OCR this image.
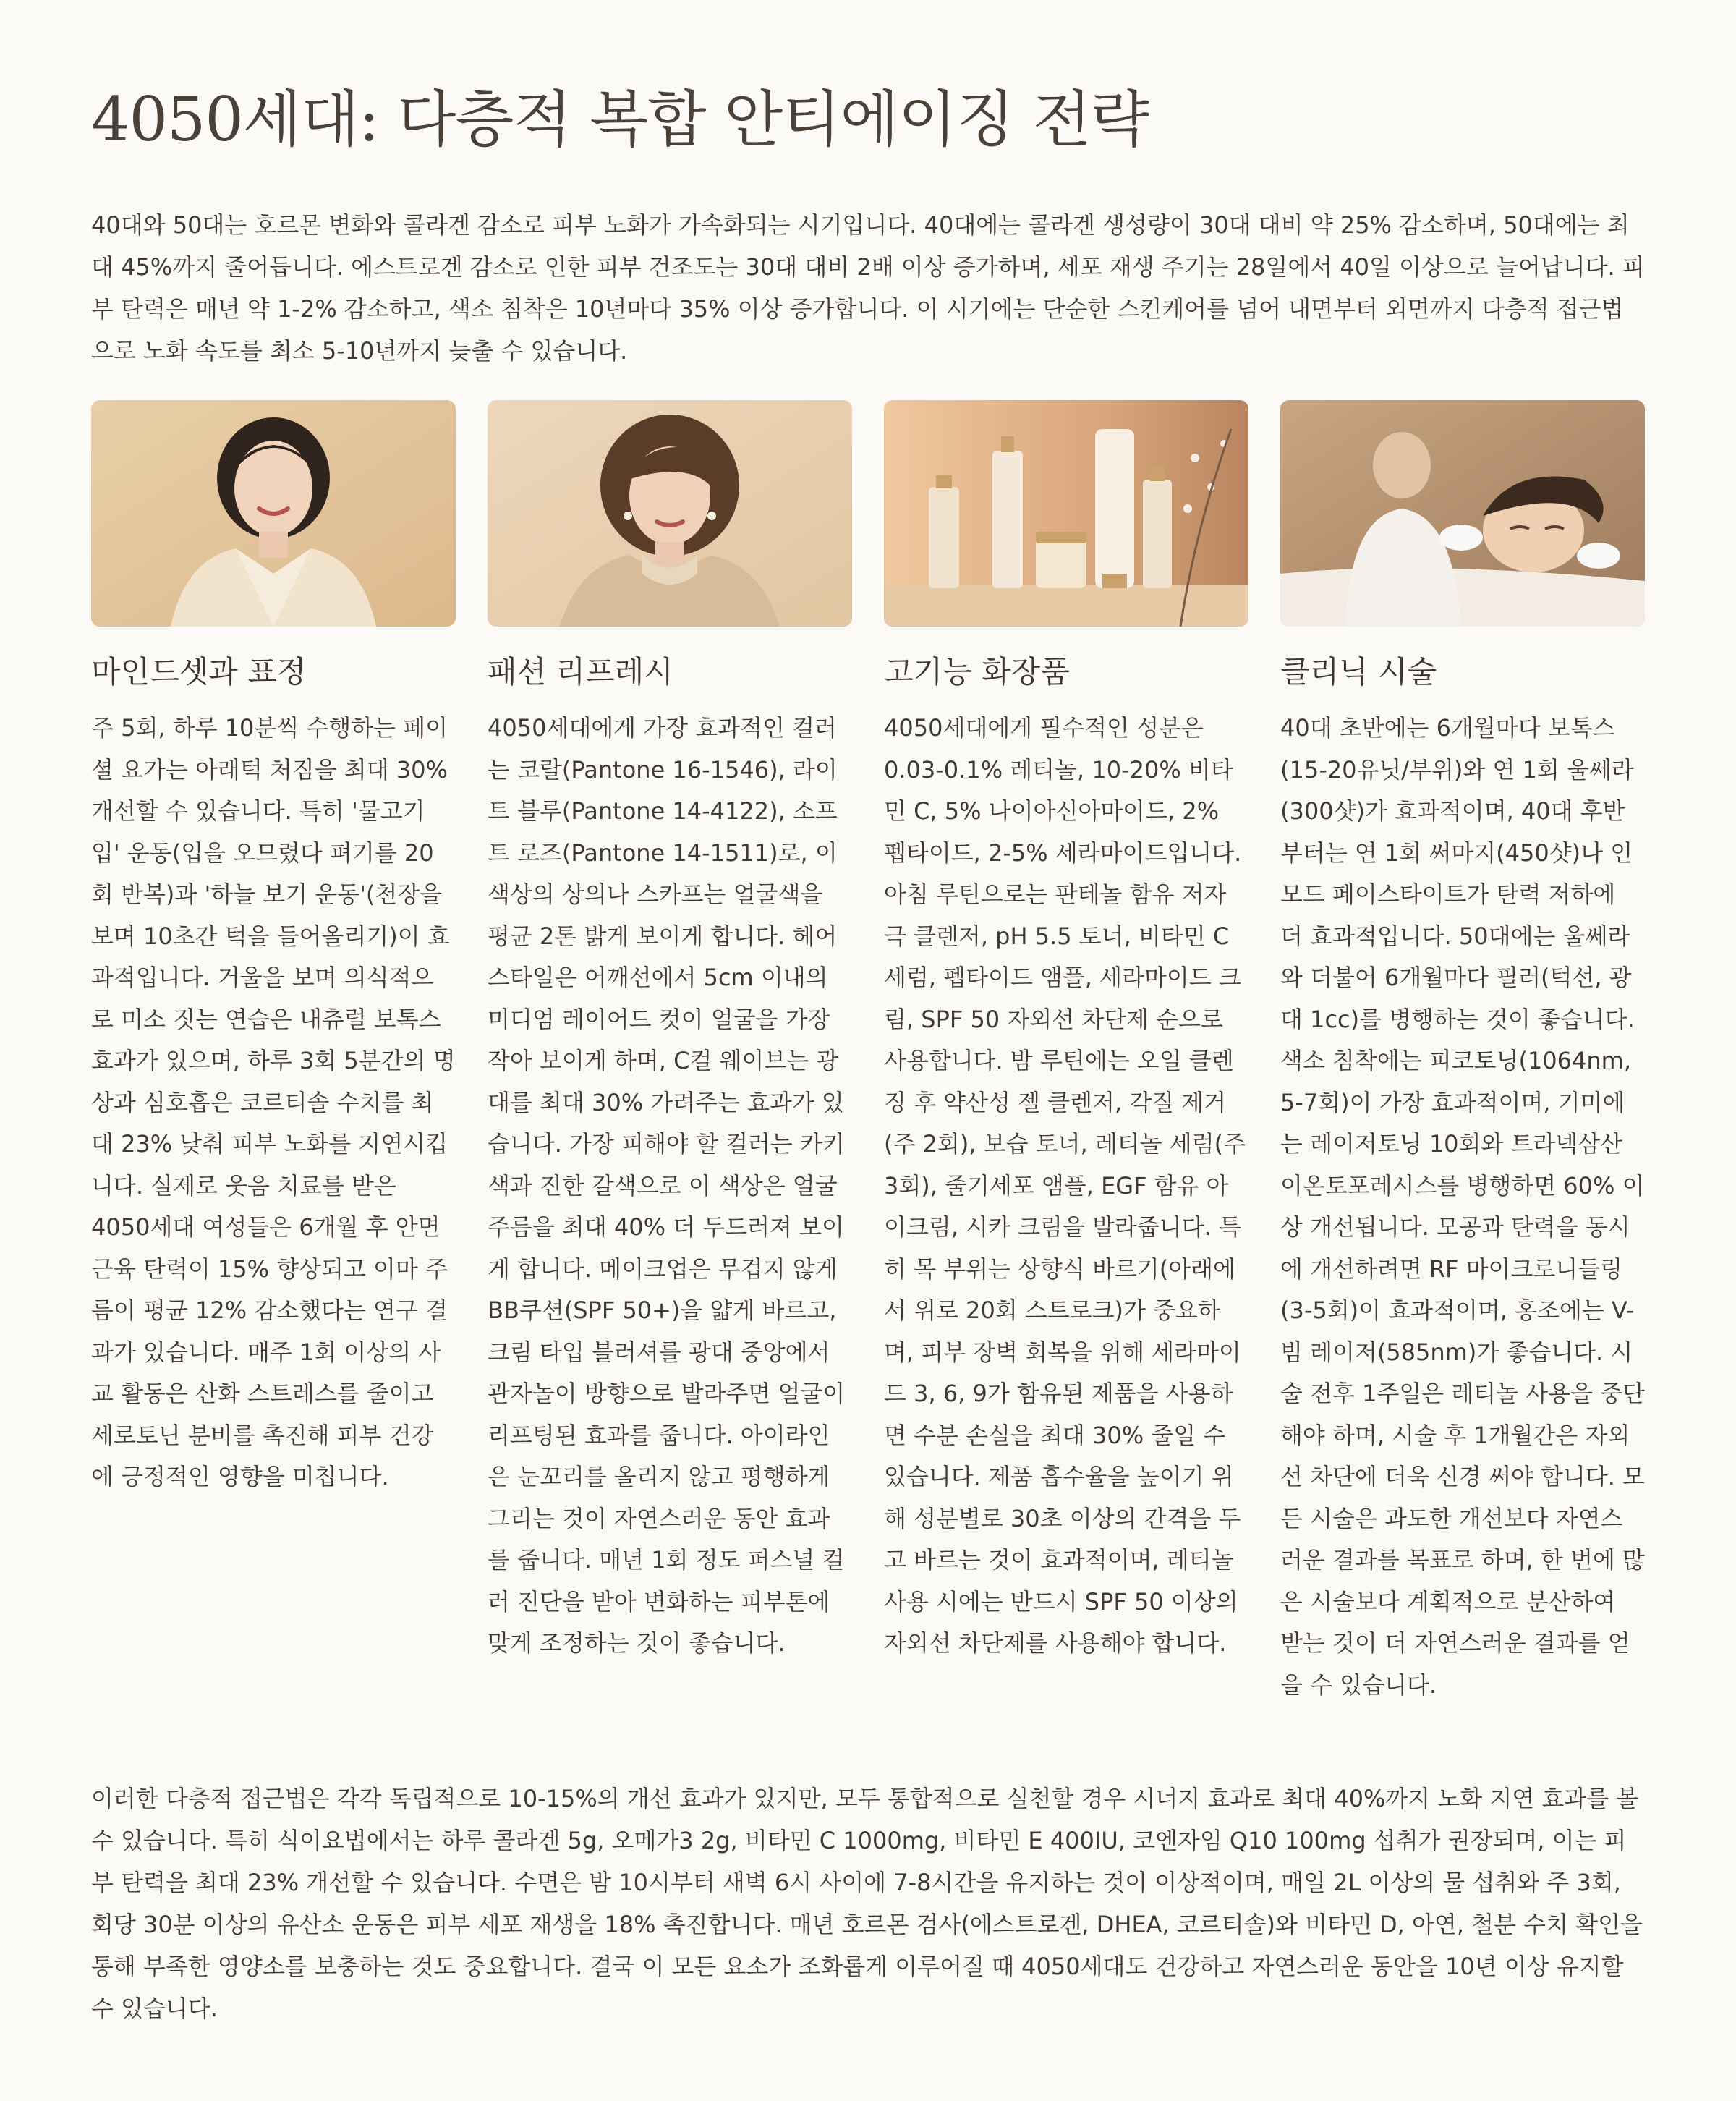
4050세대: 다층적 복합 안티에이징 전략

40대와 50대는 호르몬 변화와 콜라겐 감소로 피부 노화가 가속화되는 시기입니다. 40대에는 콜라겐 생성량이 30대 대비 약 25% 감소하며, 50대에는 최대 45%까지 줄어듭니다. 에스트로겐 감소로 인한 피부 건조도는 30대 대비 2배 이상 증가하며, 세포 재생 주기는 28일에서 40일 이상으로 늘어납니다. 피부 탄력은 매년 약 1-2% 감소하고, 색소 침착은 10년마다 35% 이상 증가합니다. 이 시기에는 단순한 스킨케어를 넘어 내면부터 외면까지 다층적 접근법으로 노화 속도를 최소 5-10년까지 늦출 수 있습니다.

마인드셋과 표정

주 5회, 하루 10분씩 수행하는 페이셜 요가는 아래턱 처짐을 최대 30% 개선할 수 있습니다. 특히 '물고기 입' 운동(입을 오므렸다 펴기를 20회 반복)과 '하늘 보기 운동'(천장을 보며 10초간 턱을 들어올리기)이 효과적입니다. 거울을 보며 의식적으로 미소 짓는 연습은 내츄럴 보톡스 효과가 있으며, 하루 3회 5분간의 명상과 심호흡은 코르티솔 수치를 최대 23% 낮춰 피부 노화를 지연시킵니다. 실제로 웃음 치료를 받은 4050세대 여성들은 6개월 후 안면 근육 탄력이 15% 향상되고 이마 주름이 평균 12% 감소했다는 연구 결과가 있습니다. 매주 1회 이상의 사교 활동은 산화 스트레스를 줄이고 세로토닌 분비를 촉진해 피부 건강에 긍정적인 영향을 미칩니다.

패션 리프레시

4050세대에게 가장 효과적인 컬러는 코랄(Pantone 16-1546), 라이트 블루(Pantone 14-4122), 소프트 로즈(Pantone 14-1511)로, 이 색상의 상의나 스카프는 얼굴색을 평균 2톤 밝게 보이게 합니다. 헤어스타일은 어깨선에서 5cm 이내의 미디엄 레이어드 컷이 얼굴을 가장 작아 보이게 하며, C컬 웨이브는 광대를 최대 30% 가려주는 효과가 있습니다. 가장 피해야 할 컬러는 카키색과 진한 갈색으로 이 색상은 얼굴 주름을 최대 40% 더 두드러져 보이게 합니다. 메이크업은 무겁지 않게 BB쿠션(SPF 50+)을 얇게 바르고, 크림 타입 블러셔를 광대 중앙에서 관자놀이 방향으로 발라주면 얼굴이 리프팅된 효과를 줍니다. 아이라인은 눈꼬리를 올리지 않고 평행하게 그리는 것이 자연스러운 동안 효과를 줍니다. 매년 1회 정도 퍼스널 컬러 진단을 받아 변화하는 피부톤에 맞게 조정하는 것이 좋습니다.

고기능 화장품

4050세대에게 필수적인 성분은 0.03-0.1% 레티놀, 10-20% 비타민 C, 5% 나이아신아마이드, 2% 펩타이드, 2-5% 세라마이드입니다. 아침 루틴으로는 판테놀 함유 저자극 클렌저, pH 5.5 토너, 비타민 C 세럼, 펩타이드 앰플, 세라마이드 크림, SPF 50 자외선 차단제 순으로 사용합니다. 밤 루틴에는 오일 클렌징 후 약산성 젤 클렌저, 각질 제거(주 2회), 보습 토너, 레티놀 세럼(주 3회), 줄기세포 앰플, EGF 함유 아이크림, 시카 크림을 발라줍니다. 특히 목 부위는 상향식 바르기(아래에서 위로 20회 스트로크)가 중요하며, 피부 장벽 회복을 위해 세라마이드 3, 6, 9가 함유된 제품을 사용하면 수분 손실을 최대 30% 줄일 수 있습니다. 제품 흡수율을 높이기 위해 성분별로 30초 이상의 간격을 두고 바르는 것이 효과적이며, 레티놀 사용 시에는 반드시 SPF 50 이상의 자외선 차단제를 사용해야 합니다.

클리닉 시술

40대 초반에는 6개월마다 보톡스(15-20유닛/부위)와 연 1회 울쎄라(300샷)가 효과적이며, 40대 후반부터는 연 1회 써마지(450샷)나 인모드 페이스타이트가 탄력 저하에 더 효과적입니다. 50대에는 울쎄라와 더불어 6개월마다 필러(턱선, 광대 1cc)를 병행하는 것이 좋습니다. 색소 침착에는 피코토닝(1064nm, 5-7회)이 가장 효과적이며, 기미에는 레이저토닝 10회와 트라넥삼산 이온토포레시스를 병행하면 60% 이상 개선됩니다. 모공과 탄력을 동시에 개선하려면 RF 마이크로니들링(3-5회)이 효과적이며, 홍조에는 V-빔 레이저(585nm)가 좋습니다. 시술 전후 1주일은 레티놀 사용을 중단해야 하며, 시술 후 1개월간은 자외선 차단에 더욱 신경 써야 합니다. 모든 시술은 과도한 개선보다 자연스러운 결과를 목표로 하며, 한 번에 많은 시술보다 계획적으로 분산하여 받는 것이 더 자연스러운 결과를 얻을 수 있습니다.

이러한 다층적 접근법은 각각 독립적으로 10-15%의 개선 효과가 있지만, 모두 통합적으로 실천할 경우 시너지 효과로 최대 40%까지 노화 지연 효과를 볼 수 있습니다. 특히 식이요법에서는 하루 콜라겐 5g, 오메가3 2g, 비타민 C 1000mg, 비타민 E 400IU, 코엔자임 Q10 100mg 섭취가 권장되며, 이는 피부 탄력을 최대 23% 개선할 수 있습니다. 수면은 밤 10시부터 새벽 6시 사이에 7-8시간을 유지하는 것이 이상적이며, 매일 2L 이상의 물 섭취와 주 3회, 회당 30분 이상의 유산소 운동은 피부 세포 재생을 18% 촉진합니다. 매년 호르몬 검사(에스트로겐, DHEA, 코르티솔)와 비타민 D, 아연, 철분 수치 확인을 통해 부족한 영양소를 보충하는 것도 중요합니다. 결국 이 모든 요소가 조화롭게 이루어질 때 4050세대도 건강하고 자연스러운 동안을 10년 이상 유지할 수 있습니다.
